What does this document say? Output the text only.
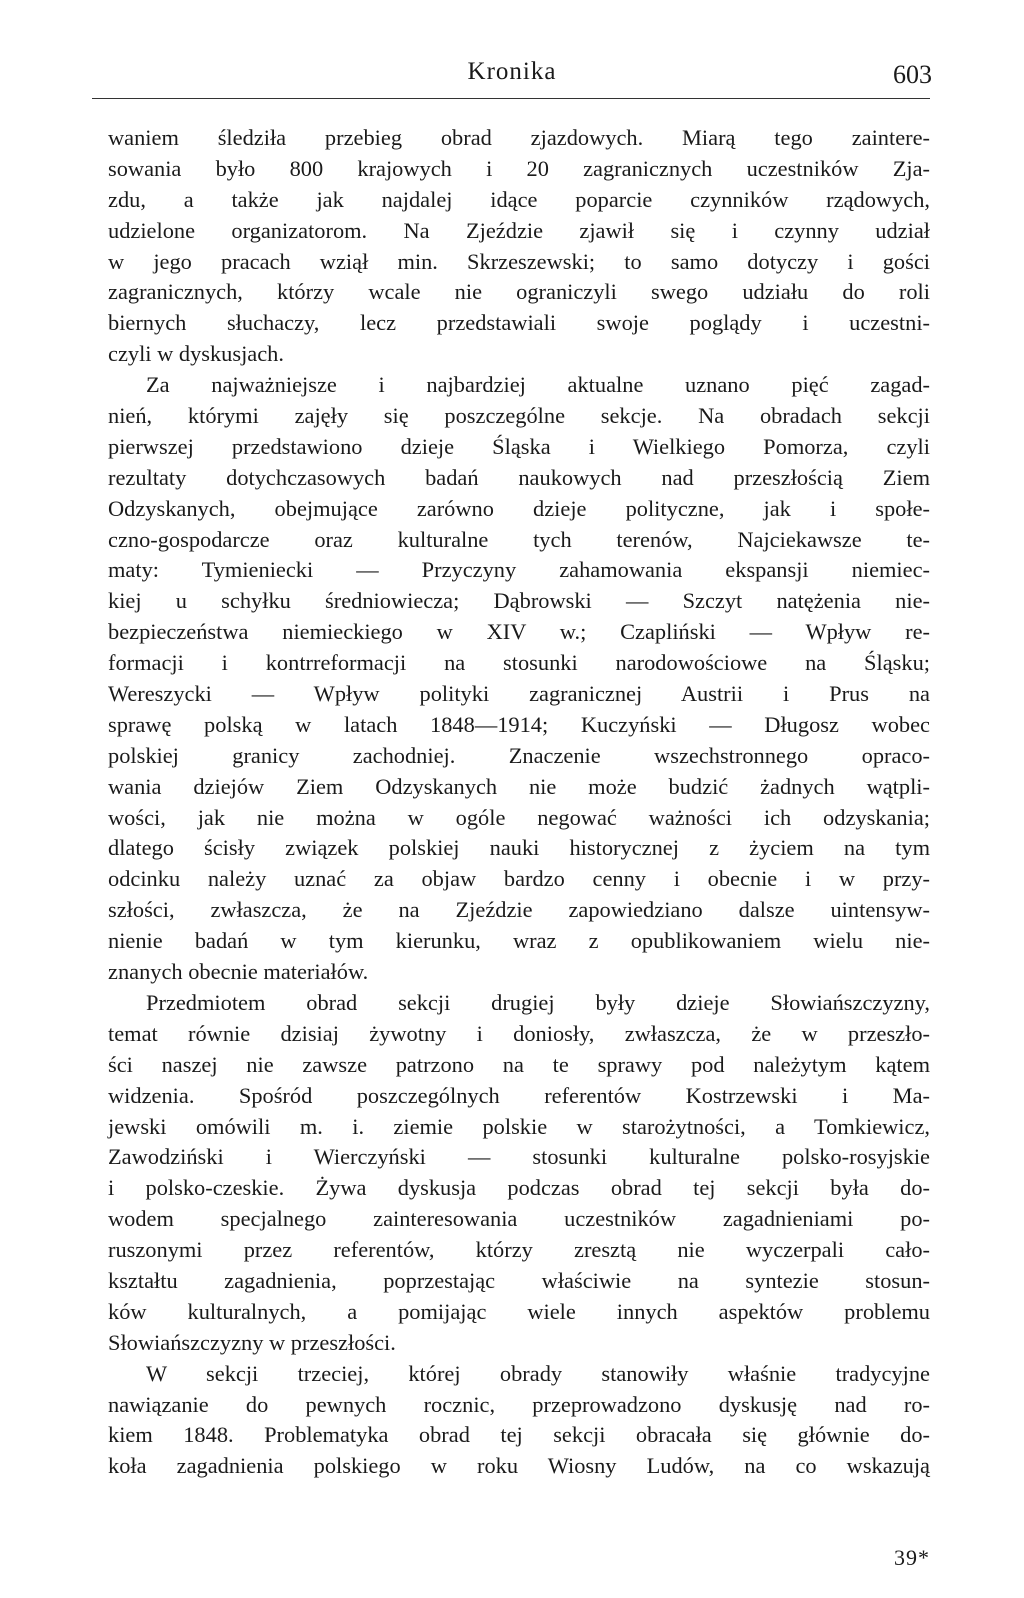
Kronika	603
waniem śledziła przebieg obrad zjazdowych. Miarą tego zaintere-
sowania było 800 krajowych i 20 zagranicznych uczestników Zja-
zdu, a także jak najdalej idące poparcie czynników rządowych,
udzielone organizatorom. Na Zjeździe zjawił się i czynny udział
w jego pracach wziął min. Skrzeszewski; to samo dotyczy i gości
zagranicznych, którzy wcale nie ograniczyli swego udziału do roli
biernych słuchaczy, lecz przedstawiali swoje poglądy i uczestni-
czyli w dyskusjach.
Za najważniejsze i najbardziej aktualne uznano pięć zagad-
nień, którymi zajęły się poszczególne sekcje. Na obradach sekcji
pierwszej przedstawiono dzieje Śląska i Wielkiego Pomorza, czyli
rezultaty dotychczasowych badań naukowych nad przeszłością Ziem
Odzyskanych, obejmujące zarówno dzieje polityczne, jak i społe-
czno-gospodarcze oraz kulturalne tych terenów, Najciekawsze te-
maty: Tymieniecki — Przyczyny zahamowania ekspansji niemiec-
kiej u schyłku średniowiecza; Dąbrowski — Szczyt natężenia nie-
bezpieczeństwa niemieckiego w XIV w.; Czapliński — Wpływ re-
formacji i kontrreformacji na stosunki narodowościowe na Śląsku;
Wereszycki — Wpływ polityki zagranicznej Austrii i Prus na
sprawę polską w latach 1848—1914; Kuczyński — Długosz wobec
polskiej granicy zachodniej. Znaczenie wszechstronnego opraco-
wania dziejów Ziem Odzyskanych nie może budzić żadnych wątpli-
wości, jak nie można w ogóle negować ważności ich odzyskania;
dlatego ścisły związek polskiej nauki historycznej z życiem na tym
odcinku należy uznać za objaw bardzo cenny i obecnie i w przy-
szłości, zwłaszcza, że na Zjeździe zapowiedziano dalsze uintensyw-
nienie badań w tym kierunku, wraz z opublikowaniem wielu nie-
znanych obecnie materiałów.
Przedmiotem obrad sekcji drugiej były dzieje Słowiańszczyzny,
temat równie dzisiaj żywotny i doniosły, zwłaszcza, że w przeszło-
ści naszej nie zawsze patrzono na te sprawy pod należytym kątem
widzenia. Spośród poszczególnych referentów Kostrzewski i Ma-
jewski omówili m. i. ziemie polskie w starożytności, a Tomkiewicz,
Zawodziński i Wierczyński — stosunki kulturalne polsko-rosyjskie
i polsko-czeskie. Żywa dyskusja podczas obrad tej sekcji była do-
wodem specjalnego zainteresowania uczestników zagadnieniami po-
ruszonymi przez referentów, którzy zresztą nie wyczerpali cało-
kształtu zagadnienia, poprzestając właściwie na syntezie stosun-
ków kulturalnych, a pomijając wiele innych aspektów problemu
Słowiańszczyzny w przeszłości.
W sekcji trzeciej, której obrady stanowiły właśnie tradycyjne
nawiązanie do pewnych rocznic, przeprowadzono dyskusję nad ro-
kiem 1848. Problematyka obrad tej sekcji obracała się głównie do-
koła zagadnienia polskiego w roku Wiosny Ludów, na co wskazują
39*
